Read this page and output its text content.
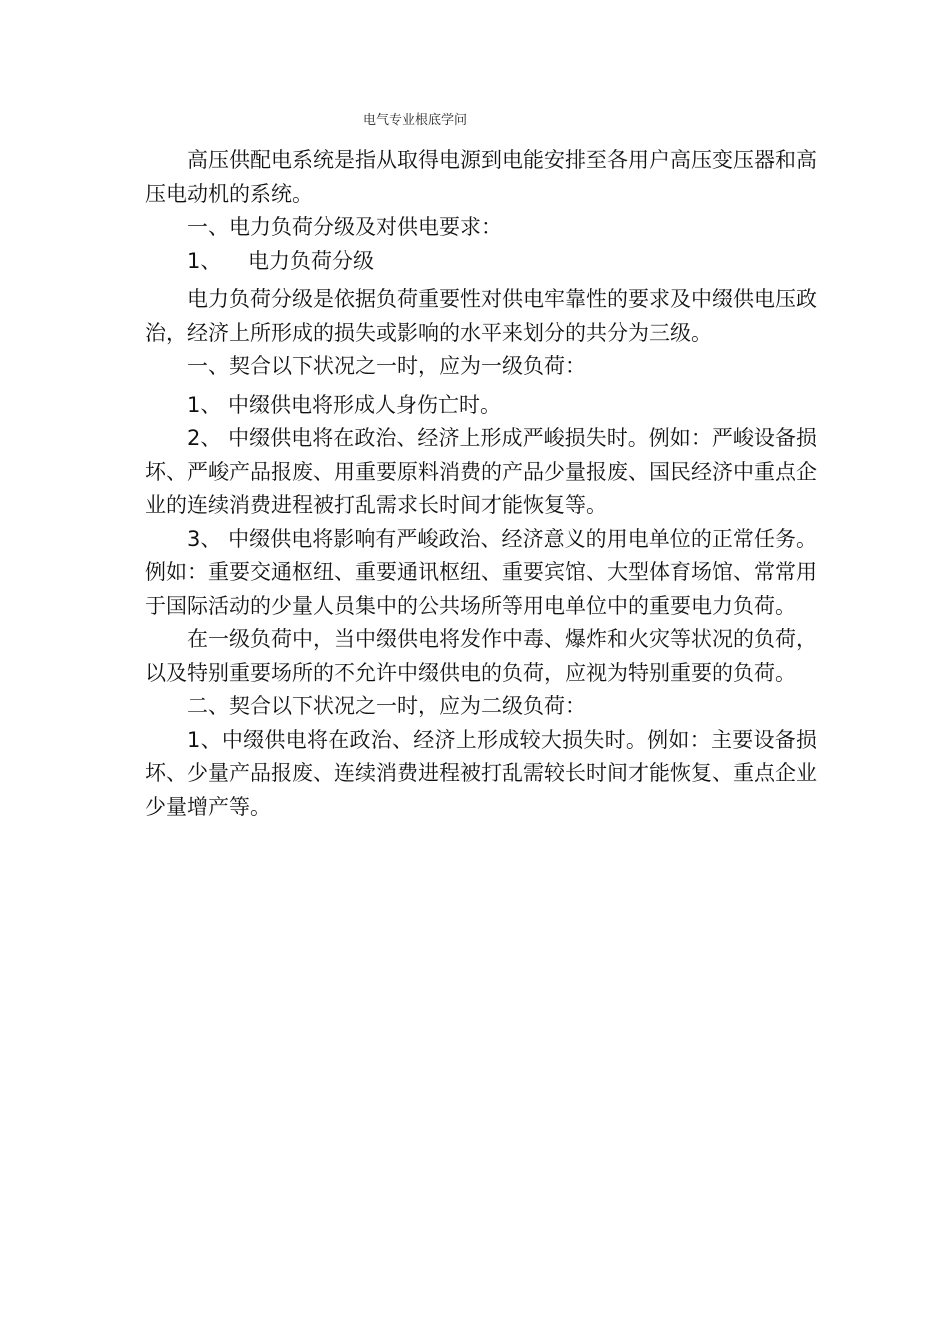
电气专业根底学问

高压供配电系统是指从取得电源到电能安排至各用户高压变压器和高压电动机的系统。

一、电力负荷分级及对供电要求：

1、    电力负荷分级

电力负荷分级是依据负荷重要性对供电牢靠性的要求及中缀供电压政治，经济上所形成的损失或影响的水平来划分的共分为三级。

一、契合以下状况之一时，应为一级负荷：

1、 中缀供电将形成人身伤亡时。

2、 中缀供电将在政治、经济上形成严峻损失时。例如：严峻设备损坏、严峻产品报废、用重要原料消费的产品少量报废、国民经济中重点企业的连续消费进程被打乱需求长时间才能恢复等。

3、 中缀供电将影响有严峻政治、经济意义的用电单位的正常任务。例如：重要交通枢纽、重要通讯枢纽、重要宾馆、大型体育场馆、常常用于国际活动的少量人员集中的公共场所等用电单位中的重要电力负荷。

在一级负荷中，当中缀供电将发作中毒、爆炸和火灾等状况的负荷，以及特别重要场所的不允许中缀供电的负荷，应视为特别重要的负荷。

二、契合以下状况之一时，应为二级负荷：

1、中缀供电将在政治、经济上形成较大损失时。例如：主要设备损坏、少量产品报废、连续消费进程被打乱需较长时间才能恢复、重点企业少量增产等。
